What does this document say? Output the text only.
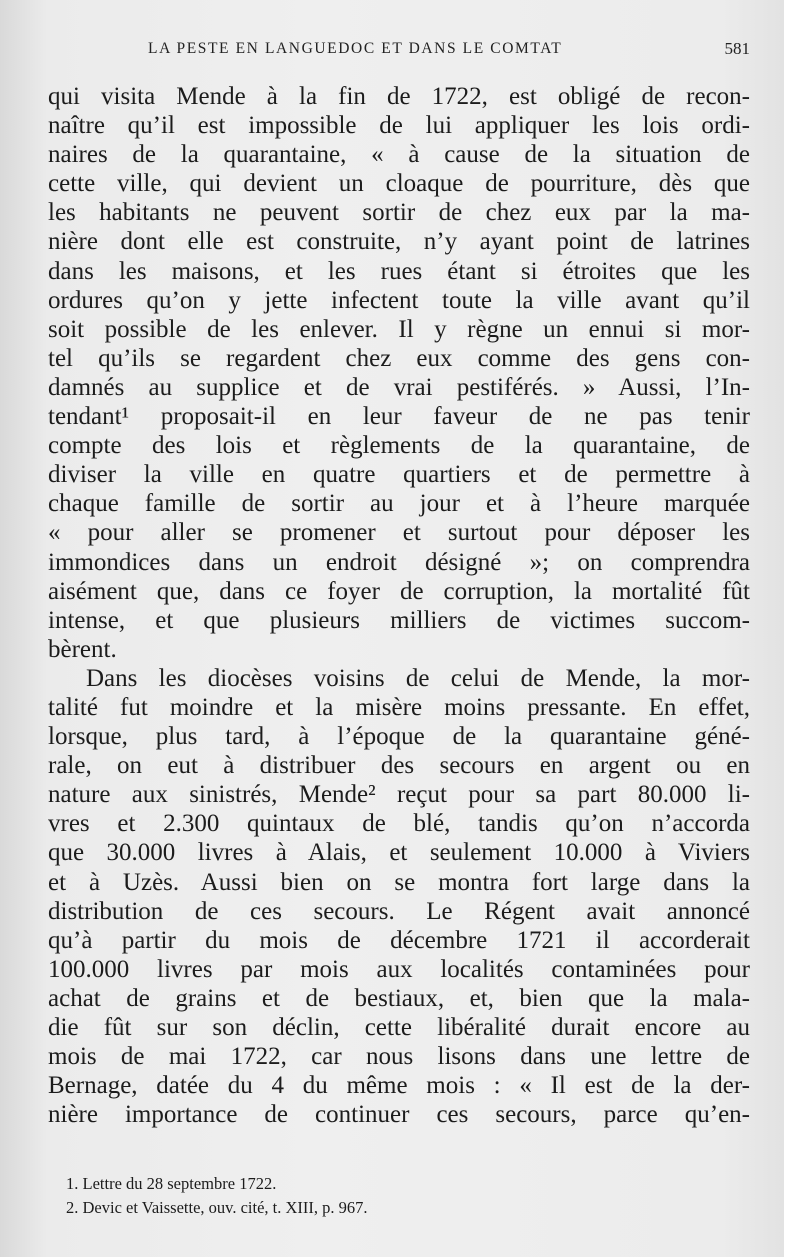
LA PESTE EN LANGUEDOC ET DANS LE COMTAT	581
qui visita Mende à la fin de 1722, est obligé de recon-
naître qu’il est impossible de lui appliquer les lois ordi-
naires de la quarantaine, « à cause de la situation de
cette ville, qui devient un cloaque de pourriture, dès que
les habitants ne peuvent sortir de chez eux par la ma-
nière dont elle est construite, n’y ayant point de latrines
dans les maisons, et les rues étant si étroites que les
ordures qu’on y jette infectent toute la ville avant qu’il
soit possible de les enlever. Il y règne un ennui si mor-
tel qu’ils se regardent chez eux comme des gens con-
damnés au supplice et de vrai pestiférés. » Aussi, l’In-
tendant¹ proposait-il en leur faveur de ne pas tenir
compte des lois et règlements de la quarantaine, de
diviser la ville en quatre quartiers et de permettre à
chaque famille de sortir au jour et à l’heure marquée
« pour aller se promener et surtout pour déposer les
immondices dans un endroit désigné »; on comprendra
aisément que, dans ce foyer de corruption, la mortalité fût
intense, et que plusieurs milliers de victimes succom-
bèrent.
Dans les diocèses voisins de celui de Mende, la mor-
talité fut moindre et la misère moins pressante. En effet,
lorsque, plus tard, à l’époque de la quarantaine géné-
rale, on eut à distribuer des secours en argent ou en
nature aux sinistrés, Mende² reçut pour sa part 80.000 li-
vres et 2.300 quintaux de blé, tandis qu’on n’accorda
que 30.000 livres à Alais, et seulement 10.000 à Viviers
et à Uzès. Aussi bien on se montra fort large dans la
distribution de ces secours. Le Régent avait annoncé
qu’à partir du mois de décembre 1721 il accorderait
100.000 livres par mois aux localités contaminées pour
achat de grains et de bestiaux, et, bien que la mala-
die fût sur son déclin, cette libéralité durait encore au
mois de mai 1722, car nous lisons dans une lettre de
Bernage, datée du 4 du même mois : « Il est de la der-
nière importance de continuer ces secours, parce qu’en-
1. Lettre du 28 septembre 1722.
2. Devic et Vaissette, ouv. cité, t. XIII, p. 967.
